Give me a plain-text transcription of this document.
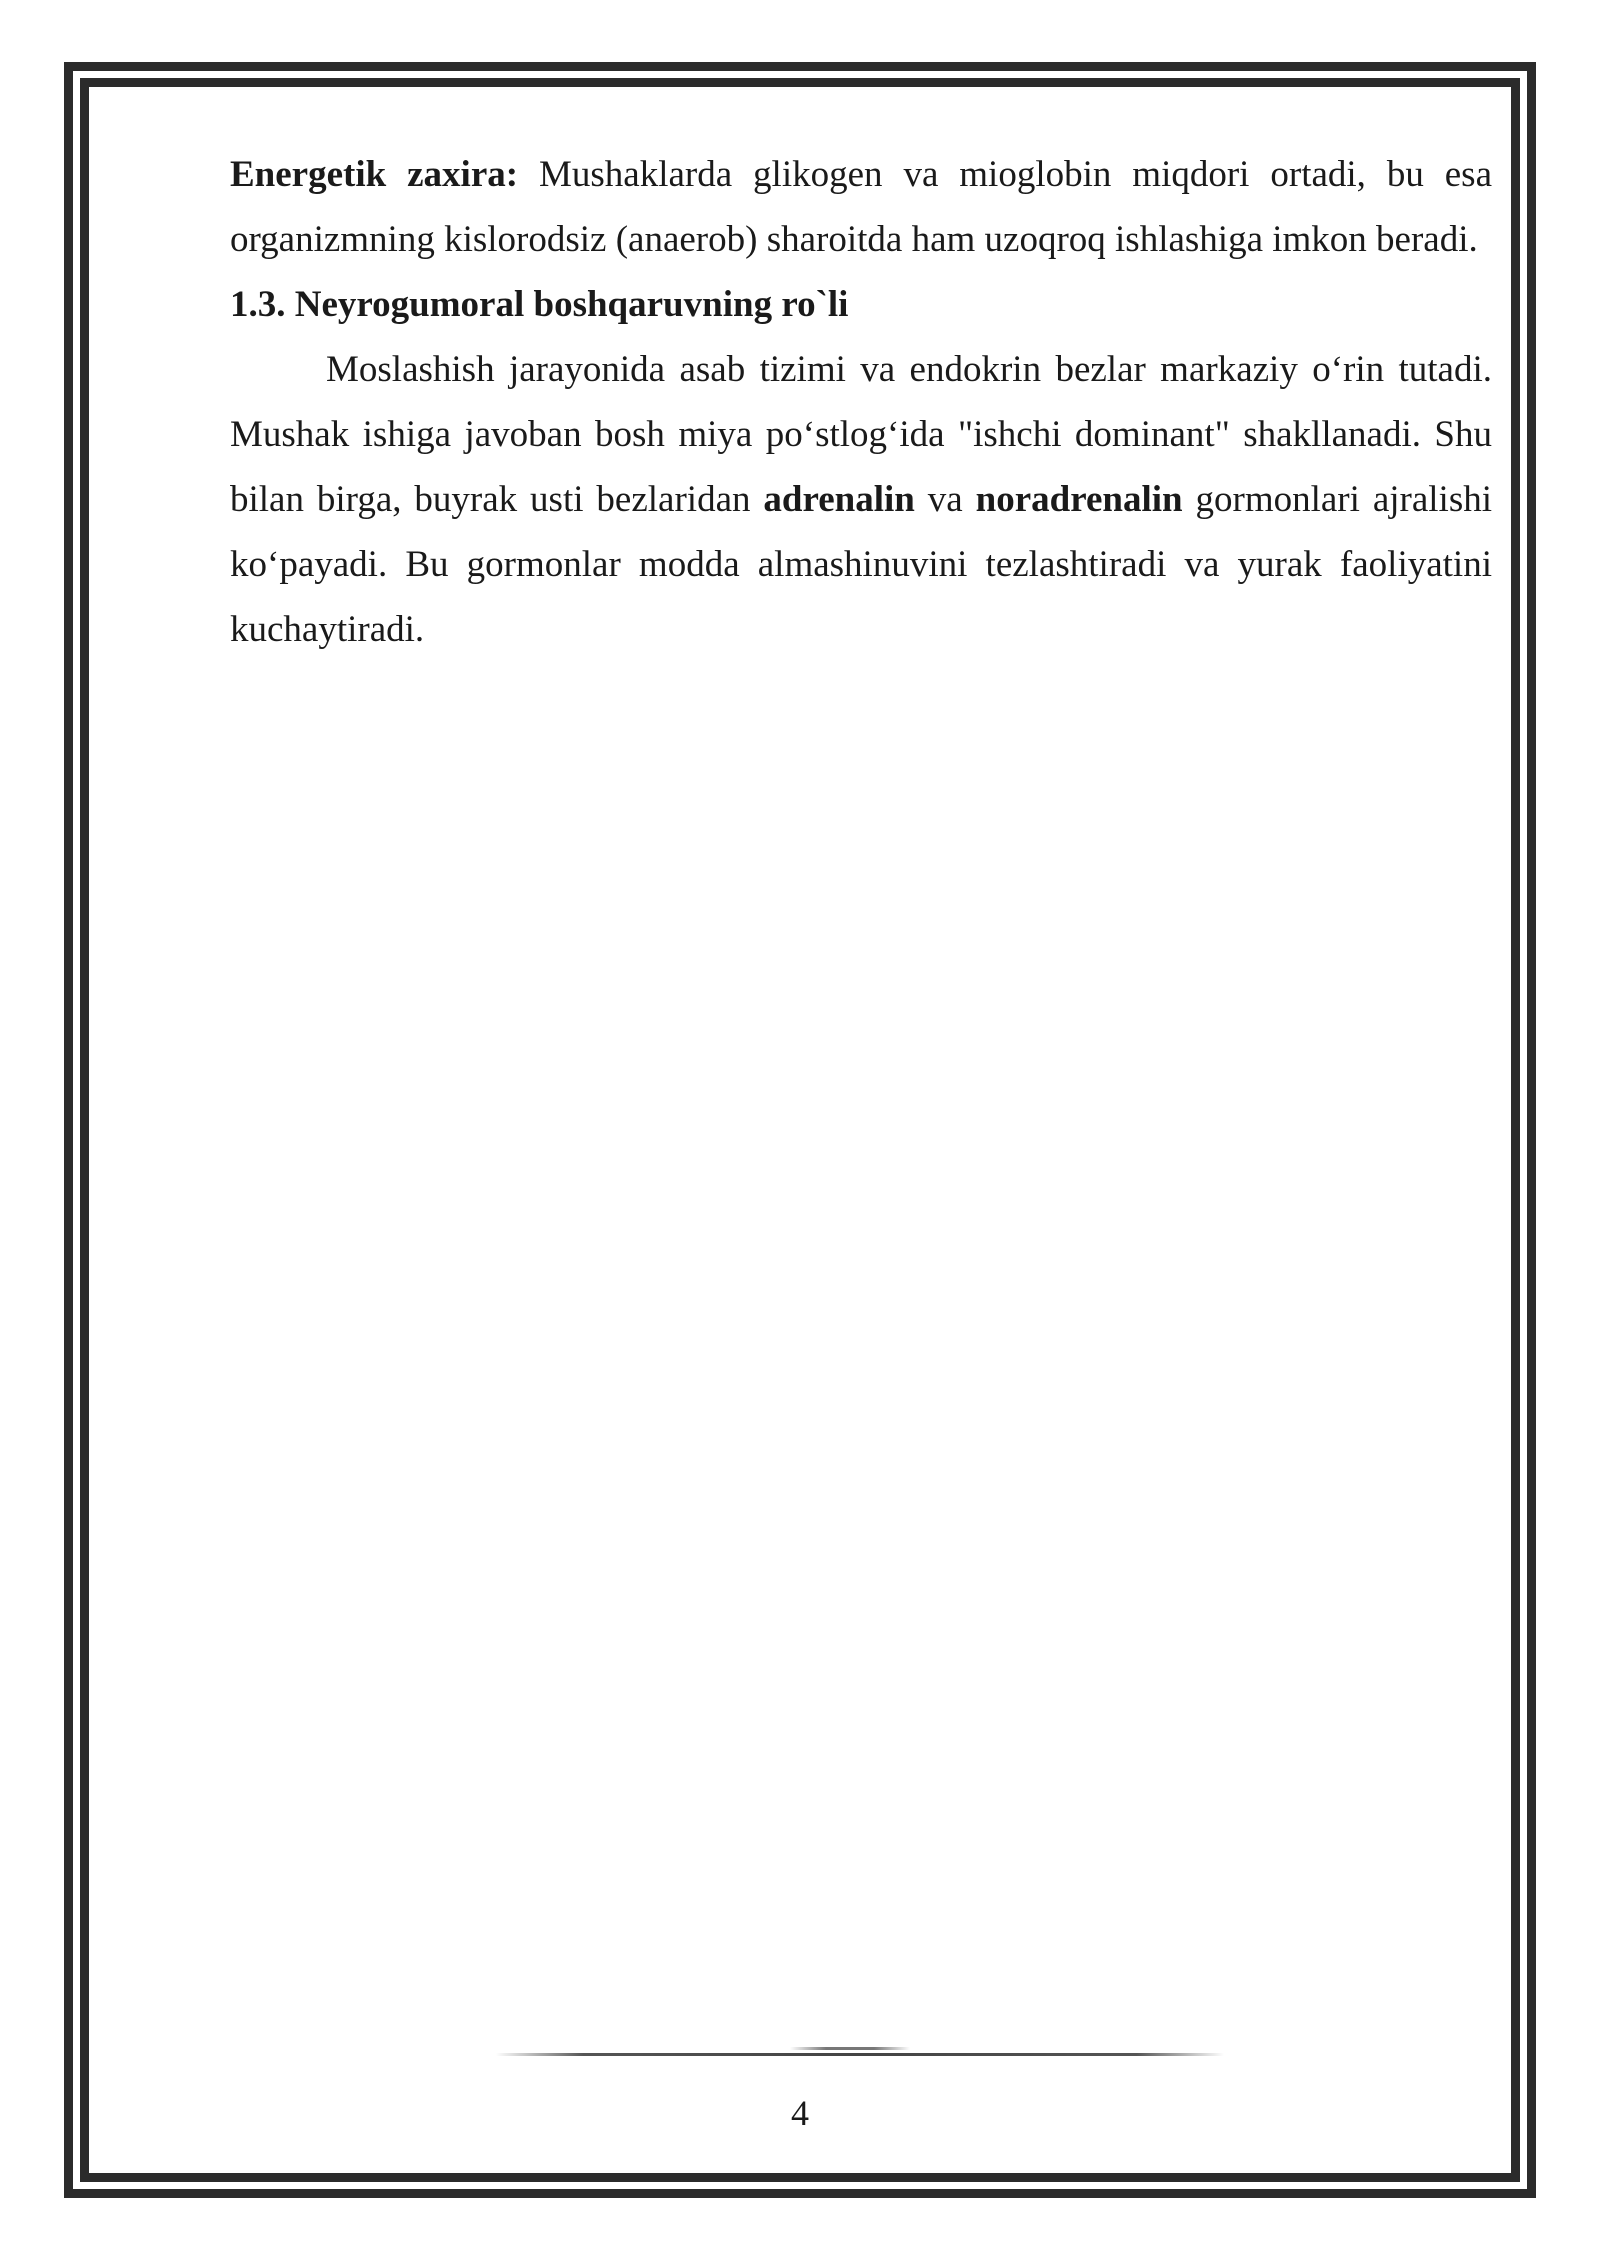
Energetik zaxira: Mushaklarda glikogen va mioglobin miqdori ortadi, bu esa organizmning kislorodsiz (anaerob) sharoitda ham uzoqroq ishlashiga imkon beradi.

1.3. Neyrogumoral boshqaruvning ro`li

Moslashish jarayonida asab tizimi va endokrin bezlar markaziy o‘rin tutadi. Mushak ishiga javoban bosh miya po‘stlog‘ida "ishchi dominant" shakllanadi. Shu bilan birga, buyrak usti bezlaridan adrenalin va noradrenalin gormonlari ajralishi ko‘payadi. Bu gormonlar modda almashinuvini tezlashtiradi va yurak faoliyatini kuchaytiradi.

4
